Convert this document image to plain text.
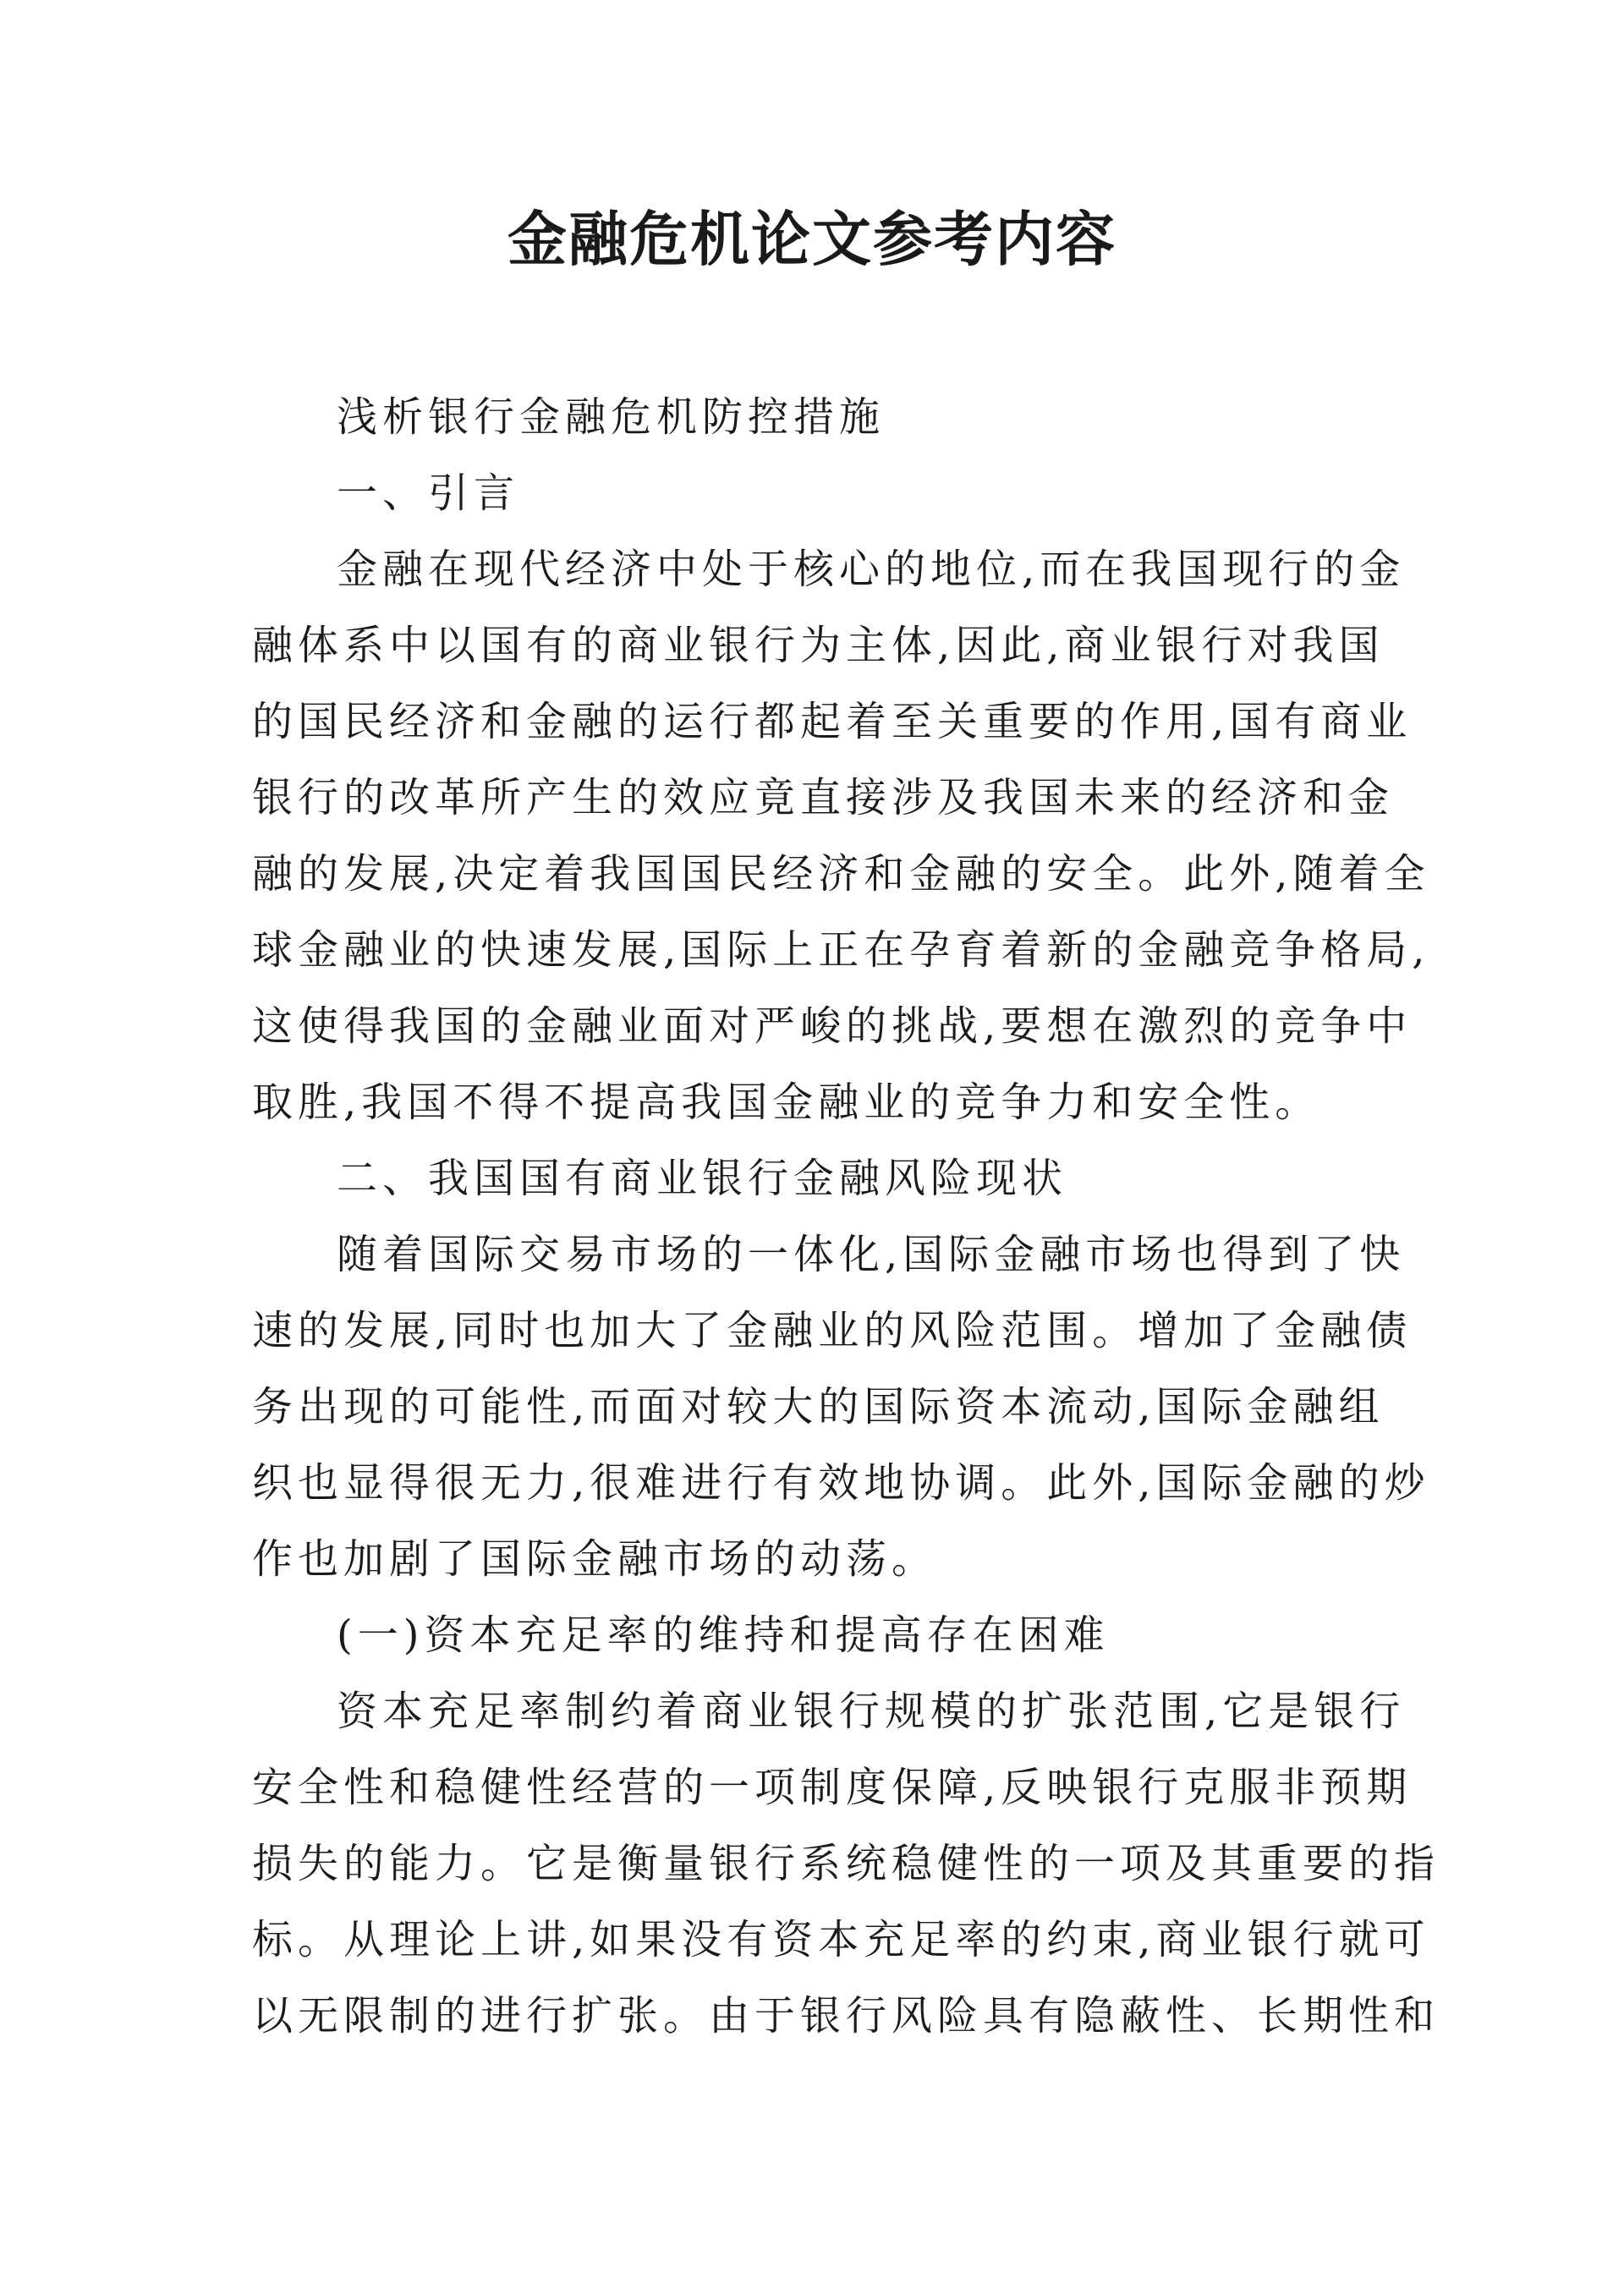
金融危机论文参考内容
浅析银行金融危机防控措施
一、引言
金融在现代经济中处于核心的地位,而在我国现行的金
融体系中以国有的商业银行为主体,因此,商业银行对我国
的国民经济和金融的运行都起着至关重要的作用,国有商业
银行的改革所产生的效应竟直接涉及我国未来的经济和金
融的发展,决定着我国国民经济和金融的安全。此外,随着全
球金融业的快速发展,国际上正在孕育着新的金融竞争格局,
这使得我国的金融业面对严峻的挑战,要想在激烈的竞争中
取胜,我国不得不提高我国金融业的竞争力和安全性。
二、我国国有商业银行金融风险现状
随着国际交易市场的一体化,国际金融市场也得到了快
速的发展,同时也加大了金融业的风险范围。增加了金融债
务出现的可能性,而面对较大的国际资本流动,国际金融组
织也显得很无力,很难进行有效地协调。此外,国际金融的炒
作也加剧了国际金融市场的动荡。
(一)资本充足率的维持和提高存在困难
资本充足率制约着商业银行规模的扩张范围,它是银行
安全性和稳健性经营的一项制度保障,反映银行克服非预期
损失的能力。它是衡量银行系统稳健性的一项及其重要的指
标。从理论上讲,如果没有资本充足率的约束,商业银行就可
以无限制的进行扩张。由于银行风险具有隐蔽性、长期性和
